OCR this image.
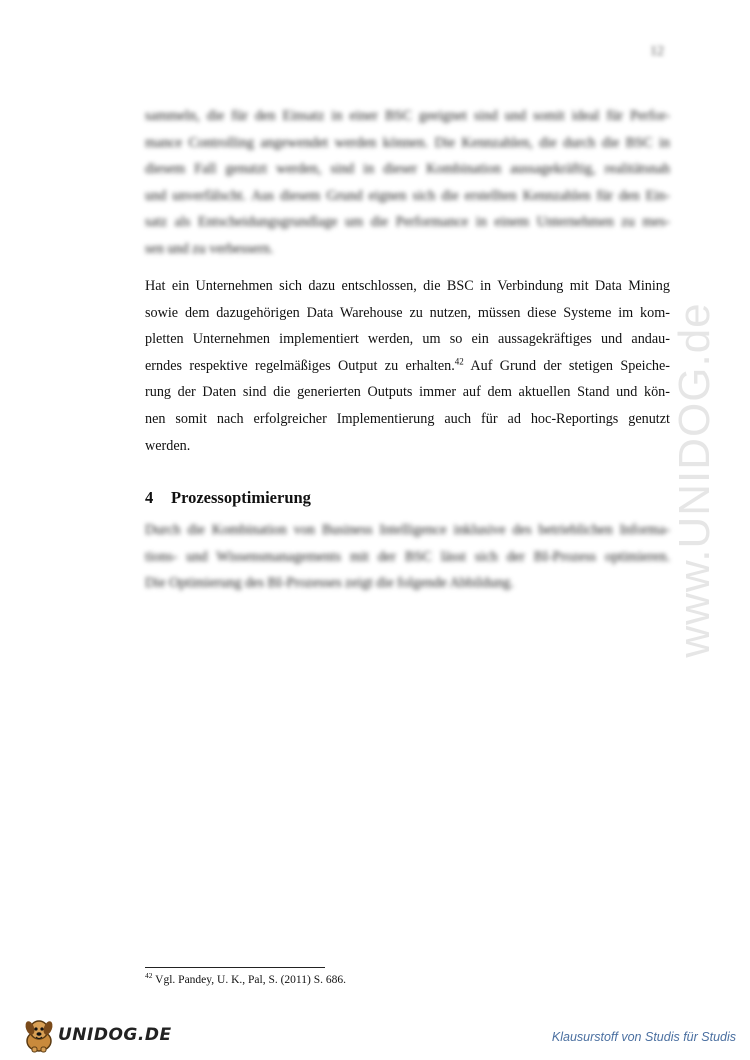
12
www.UNIDOG.de

sammeln, die für den Einsatz in einer BSC geeignet sind und somit ideal für Perfor-
mance Controlling angewendet werden können. Die Kennzahlen, die durch die BSC in
diesem Fall genutzt werden, sind in dieser Kombination aussagekräftig, realitätsnah
und unverfälscht. Aus diesem Grund eignen sich die erstellten Kennzahlen für den Ein-
satz als Entscheidungsgrundlage um die Performance in einem Unternehmen zu mes-
sen und zu verbessern.

Hat ein Unternehmen sich dazu entschlossen, die BSC in Verbindung mit Data Mining
sowie dem dazugehörigen Data Warehouse zu nutzen, müssen diese Systeme im kom-
pletten Unternehmen implementiert werden, um so ein aussagekräftiges und andau-
erndes respektive regelmäßiges Output zu erhalten.$^{42}$ Auf Grund der stetigen Speiche-
rung der Daten sind die generierten Outputs immer auf dem aktuellen Stand und kön-
nen somit nach erfolgreicher Implementierung auch für ad hoc-Reportings genutzt
werden.

4 Prozessoptimierung

Durch die Kombination von Business Intelligence inklusive des betrieblichen Informa-
tions- und Wissensmanagements mit der BSC lässt sich der BI-Prozess optimieren.
Die Optimierung des BI-Prozesses zeigt die folgende Abbildung.

$^{42}$ Vgl. Pandey, U. K., Pal, S. (2011) S. 686.
UNIDOG.DE	Klausurstoff von Studis für Studis
